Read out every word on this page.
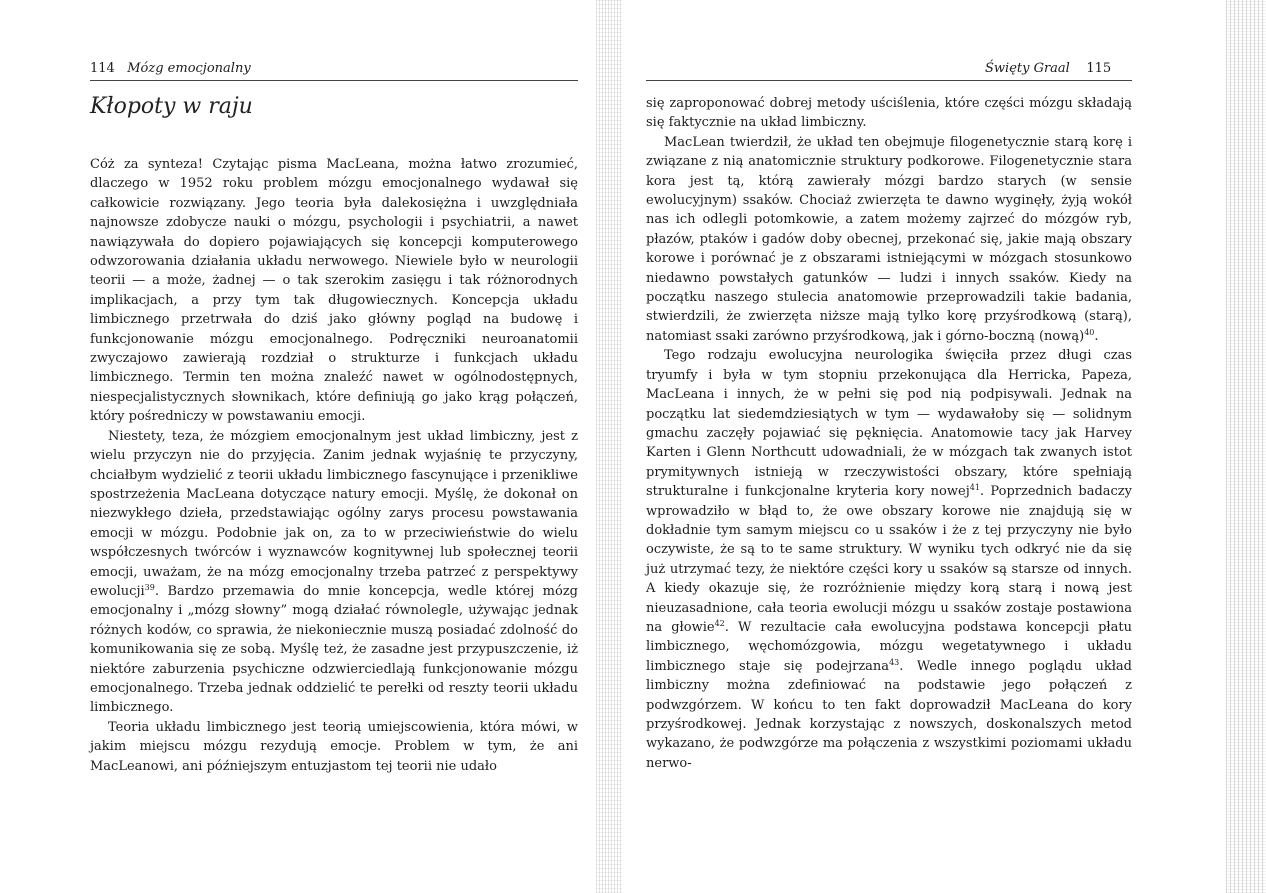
114 Mózg emocjonalny
Kłopoty w raju

Cóż za synteza! Czytając pisma MacLeana, można łatwo zrozumieć, dlaczego w 1952 roku problem mózgu emocjonalnego wydawał się całkowicie rozwiązany. Jego teoria była dalekosiężna i uwzględniała najnowsze zdobycze nauki o mózgu, psychologii i psychiatrii, a nawet nawiązywała do dopiero pojawiających się koncepcji komputerowego odwzorowania działania układu nerwowego. Niewiele było w neurologii teorii — a może, żadnej — o tak szerokim zasięgu i tak różnorodnych implikacjach, a przy tym tak długowiecznych. Koncepcja układu limbicznego przetrwała do dziś jako główny pogląd na budowę i funkcjonowanie mózgu emocjonalnego. Podręczniki neuroanatomii zwyczajowo zawierają rozdział o strukturze i funkcjach układu limbicznego. Termin ten można znaleźć nawet w ogólnodostępnych, niespecjalistycznych słownikach, które definiują go jako krąg połączeń, który pośredniczy w powstawaniu emocji.

Niestety, teza, że mózgiem emocjonalnym jest układ limbiczny, jest z wielu przyczyn nie do przyjęcia. Zanim jednak wyjaśnię te przyczyny, chciałbym wydzielić z teorii układu limbicznego fascynujące i przenikliwe spostrzeżenia MacLeana dotyczące natury emocji. Myślę, że dokonał on niezwykłego dzieła, przedstawiając ogólny zarys procesu powstawania emocji w mózgu. Podobnie jak on, za to w przeciwieństwie do wielu współczesnych twórców i wyznawców kognitywnej lub społecznej teorii emocji, uważam, że na mózg emocjonalny trzeba patrzeć z perspektywy ewolucji$^{39}$. Bardzo przemawia do mnie koncepcja, wedle której mózg emocjonalny i „mózg słowny” mogą działać równolegle, używając jednak różnych kodów, co sprawia, że niekoniecznie muszą posiadać zdolność do komunikowania się ze sobą. Myślę też, że zasadne jest przypuszczenie, iż niektóre zaburzenia psychiczne odzwierciedlają funkcjonowanie mózgu emocjonalnego. Trzeba jednak oddzielić te perełki od reszty teorii układu limbicznego.

Teoria układu limbicznego jest teorią umiejscowienia, która mówi, w jakim miejscu mózgu rezydują emocje. Problem w tym, że ani MacLeanowi, ani późniejszym entuzjastom tej teorii nie udało

Święty Graal 115

się zaproponować dobrej metody uściślenia, które części mózgu składają się faktycznie na układ limbiczny.

MacLean twierdził, że układ ten obejmuje filogenetycznie starą korę i związane z nią anatomicznie struktury podkorowe. Filogenetycznie stara kora jest tą, którą zawierały mózgi bardzo starych (w sensie ewolucyjnym) ssaków. Chociaż zwierzęta te dawno wyginęły, żyją wokół nas ich odlegli potomkowie, a zatem możemy zajrzeć do mózgów ryb, płazów, ptaków i gadów doby obecnej, przekonać się, jakie mają obszary korowe i porównać je z obszarami istniejącymi w mózgach stosunkowo niedawno powstałych gatunków — ludzi i innych ssaków. Kiedy na początku naszego stulecia anatomowie przeprowadzili takie badania, stwierdzili, że zwierzęta niższe mają tylko korę przyśrodkową (starą), natomiast ssaki zarówno przyśrodkową, jak i górno-boczną (nową)$^{40}$.

Tego rodzaju ewolucyjna neurologika święciła przez długi czas tryumfy i była w tym stopniu przekonująca dla Herricka, Papeza, MacLeana i innych, że w pełni się pod nią podpisywali. Jednak na początku lat siedemdziesiątych w tym — wydawałoby się — solidnym gmachu zaczęły pojawiać się pęknięcia. Anatomowie tacy jak Harvey Karten i Glenn Northcutt udowadniali, że w mózgach tak zwanych istot prymitywnych istnieją w rzeczywistości obszary, które spełniają strukturalne i funkcjonalne kryteria kory nowej$^{41}$. Poprzednich badaczy wprowadziło w błąd to, że owe obszary korowe nie znajdują się w dokładnie tym samym miejscu co u ssaków i że z tej przyczyny nie było oczywiste, że są to te same struktury. W wyniku tych odkryć nie da się już utrzymać tezy, że niektóre części kory u ssaków są starsze od innych. A kiedy okazuje się, że rozróżnienie między korą starą i nową jest nieuzasadnione, cała teoria ewolucji mózgu u ssaków zostaje postawiona na głowie$^{42}$. W rezultacie cała ewolucyjna podstawa koncepcji płatu limbicznego, węchomózgowia, mózgu wegetatywnego i układu limbicznego staje się podejrzana$^{43}$. Wedle innego poglądu układ limbiczny można zdefiniować na podstawie jego połączeń z podwzgórzem. W końcu to ten fakt doprowadził MacLeana do kory przyśrodkowej. Jednak korzystając z nowszych, doskonalszych metod wykazano, że podwzgórze ma połączenia z wszystkimi poziomami układu nerwo-
